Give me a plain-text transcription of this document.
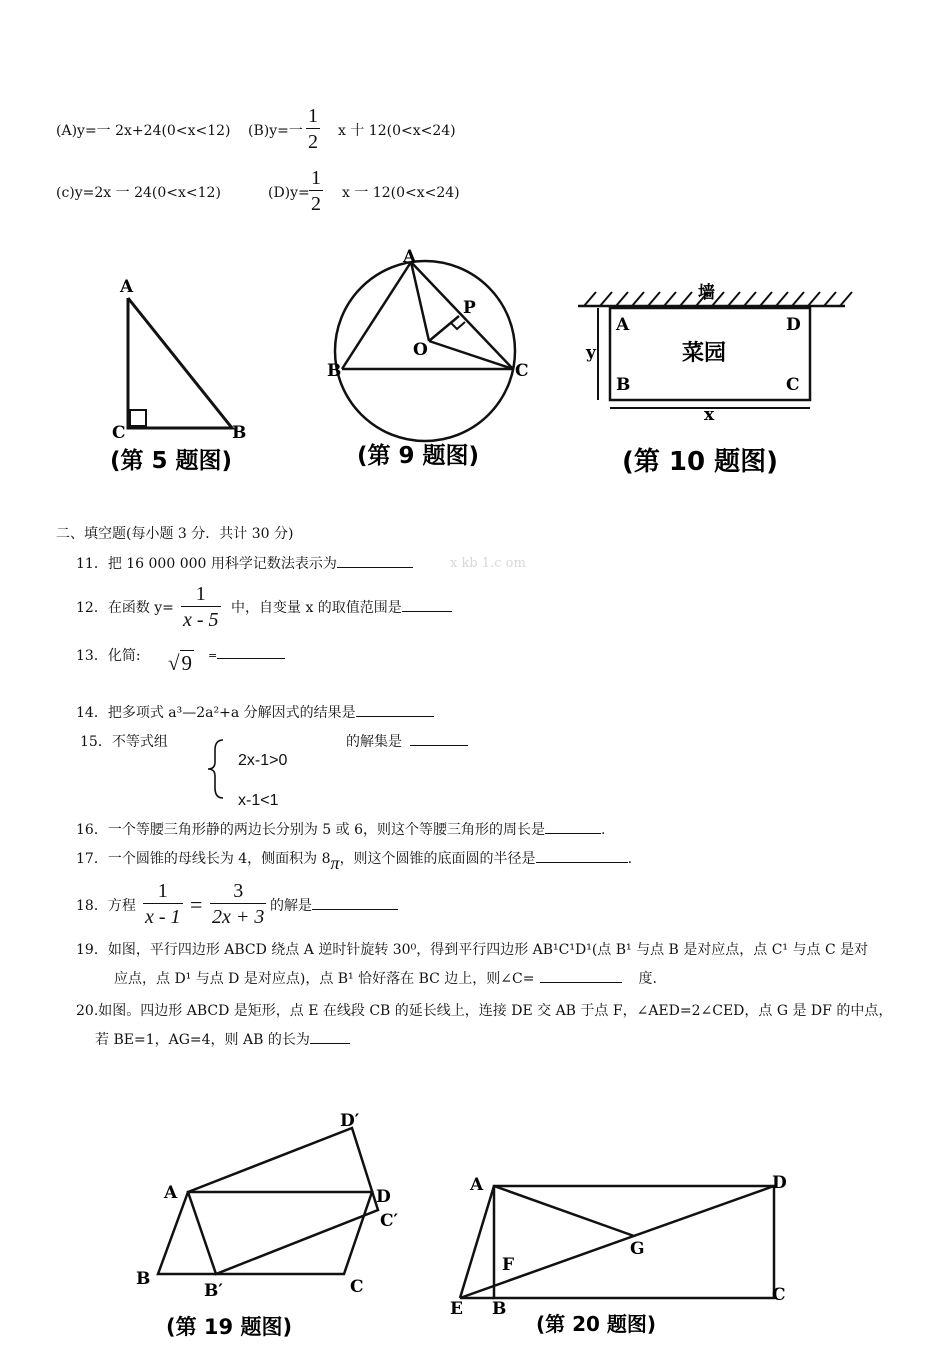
(A)y=一 2x+24(0<x<12) (B)y=一 $\frac{1}{2}$ x 十 12(0<x<24)
(c)y=2x 一 24(0<x<12)	$(D)y= \frac{1}{2}$ x 一 12(0<x<24)
A
C	B
(第 5 题图)
A
B	C
O
P
(第 9 题图)
墙
菜园
A
B
D
C
x
y
(第 10 题图)
二、填空题(每小题 3 分．共计 30 分)
11．把 16 000 000 用科学记数法表示为	x kb 1.c om
12．在函数 $y= \frac{1}{x - 5}$ 中，自变量 x 的取值范围是
13．化简: √9 =
14．把多项式 a³—2a²+a 分解因式的结果是
15．不等式组
2x-1>0
x-1<1
的解集是
16．一个等腰三角形静的两边长分别为 5 或 6，则这个等腰三角形的周长是	.
17．一个圆锥的母线长为 4，侧面积为 8π，则这个圆锥的底面圆的半径是	.
18．方程 $\frac{1}{x - 1} = \frac{3}{2x + 3}$ 的解是
19．如图，平行四边形 ABCD 绕点 A 逆时针旋转 30⁰，得到平行四边形 AB¹C¹D¹(点 B¹ 与点 B 是对应点，点 C¹ 与点 C 是对
应点，点 D¹ 与点 D 是对应点)，点 B¹ 恰好落在 BC 边上，则∠C=	度.
20.如图。四边形 ABCD 是矩形，点 E 在线段 CB 的延长线上，连接 DE 交 AB 于点 F，∠AED=2∠CED，点 G 是 DF 的中点，
若 BE=1，AG=4，则 AB 的长为
A
B	C
D
B′
C′
D′
(第 19 题图)
A
B
C
D
E
F
G
(第 20 题图)
